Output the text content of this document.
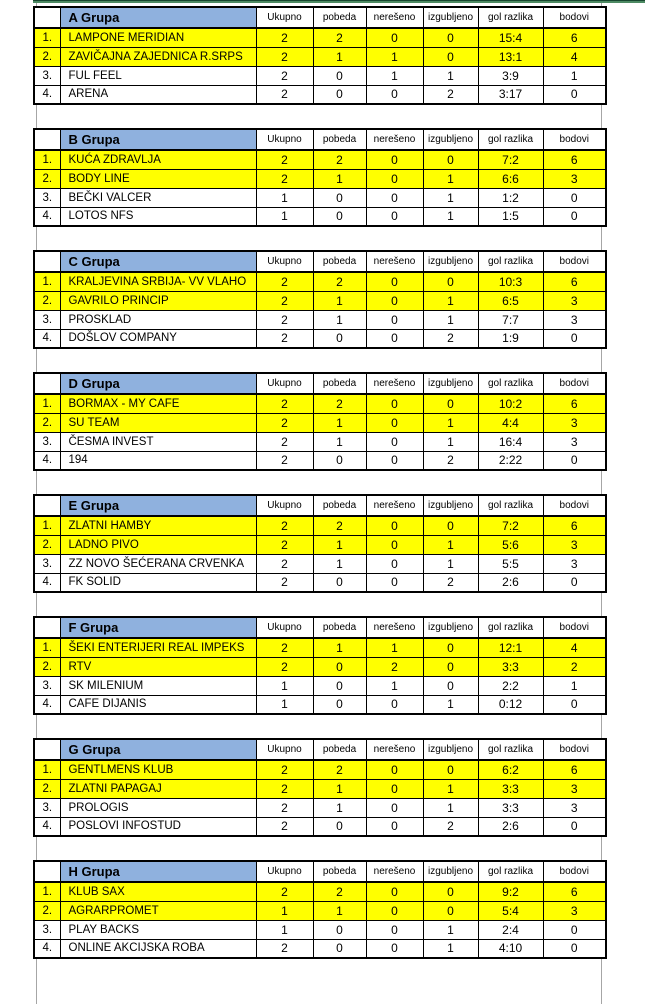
	A Grupa	Ukupno	pobeda	nerešeno	izgubljeno	gol razlika	bodovi
1.	LAMPONE MERIDIAN	2	2	0	0	15:4	6
2.	ZAVIČAJNA ZAJEDNICA R.SRPS	2	1	1	0	13:1	4
3.	FUL FEEL	2	0	1	1	3:9	1
4.	ARENA	2	0	0	2	3:17	0
	B Grupa	Ukupno	pobeda	nerešeno	izgubljeno	gol razlika	bodovi
1.	KUĆA ZDRAVLJA	2	2	0	0	7:2	6
2.	BODY LINE	2	1	0	1	6:6	3
3.	BEČKI VALCER	1	0	0	1	1:2	0
4.	LOTOS NFS	1	0	0	1	1:5	0
	C Grupa	Ukupno	pobeda	nerešeno	izgubljeno	gol razlika	bodovi
1.	KRALJEVINA SRBIJA- VV VLAHO	2	2	0	0	10:3	6
2.	GAVRILO PRINCIP	2	1	0	1	6:5	3
3.	PROSKLAD	2	1	0	1	7:7	3
4.	DOŠLOV COMPANY	2	0	0	2	1:9	0
	D Grupa	Ukupno	pobeda	nerešeno	izgubljeno	gol razlika	bodovi
1.	BORMAX - MY CAFE	2	2	0	0	10:2	6
2.	SU TEAM	2	1	0	1	4:4	3
3.	ČESMA INVEST	2	1	0	1	16:4	3
4.	194	2	0	0	2	2:22	0
	E Grupa	Ukupno	pobeda	nerešeno	izgubljeno	gol razlika	bodovi
1.	ZLATNI HAMBY	2	2	0	0	7:2	6
2.	LADNO PIVO	2	1	0	1	5:6	3
3.	ZZ NOVO ŠEĆERANA CRVENKA	2	1	0	1	5:5	3
4.	FK SOLID	2	0	0	2	2:6	0
	F Grupa	Ukupno	pobeda	nerešeno	izgubljeno	gol razlika	bodovi
1.	ŠEKI ENTERIJERI REAL IMPEKS	2	1	1	0	12:1	4
2.	RTV	2	0	2	0	3:3	2
3.	SK MILENIUM	1	0	1	0	2:2	1
4.	CAFE DIJANIS	1	0	0	1	0:12	0
	G Grupa	Ukupno	pobeda	nerešeno	izgubljeno	gol razlika	bodovi
1.	GENTLMENS KLUB	2	2	0	0	6:2	6
2.	ZLATNI PAPAGAJ	2	1	0	1	3:3	3
3.	PROLOGIS	2	1	0	1	3:3	3
4.	POSLOVI INFOSTUD	2	0	0	2	2:6	0
	H Grupa	Ukupno	pobeda	nerešeno	izgubljeno	gol razlika	bodovi
1.	KLUB SAX	2	2	0	0	9:2	6
2.	AGRARPROMET	1	1	0	0	5:4	3
3.	PLAY BACKS	1	0	0	1	2:4	0
4.	ONLINE AKCIJSKA ROBA	2	0	0	1	4:10	0
